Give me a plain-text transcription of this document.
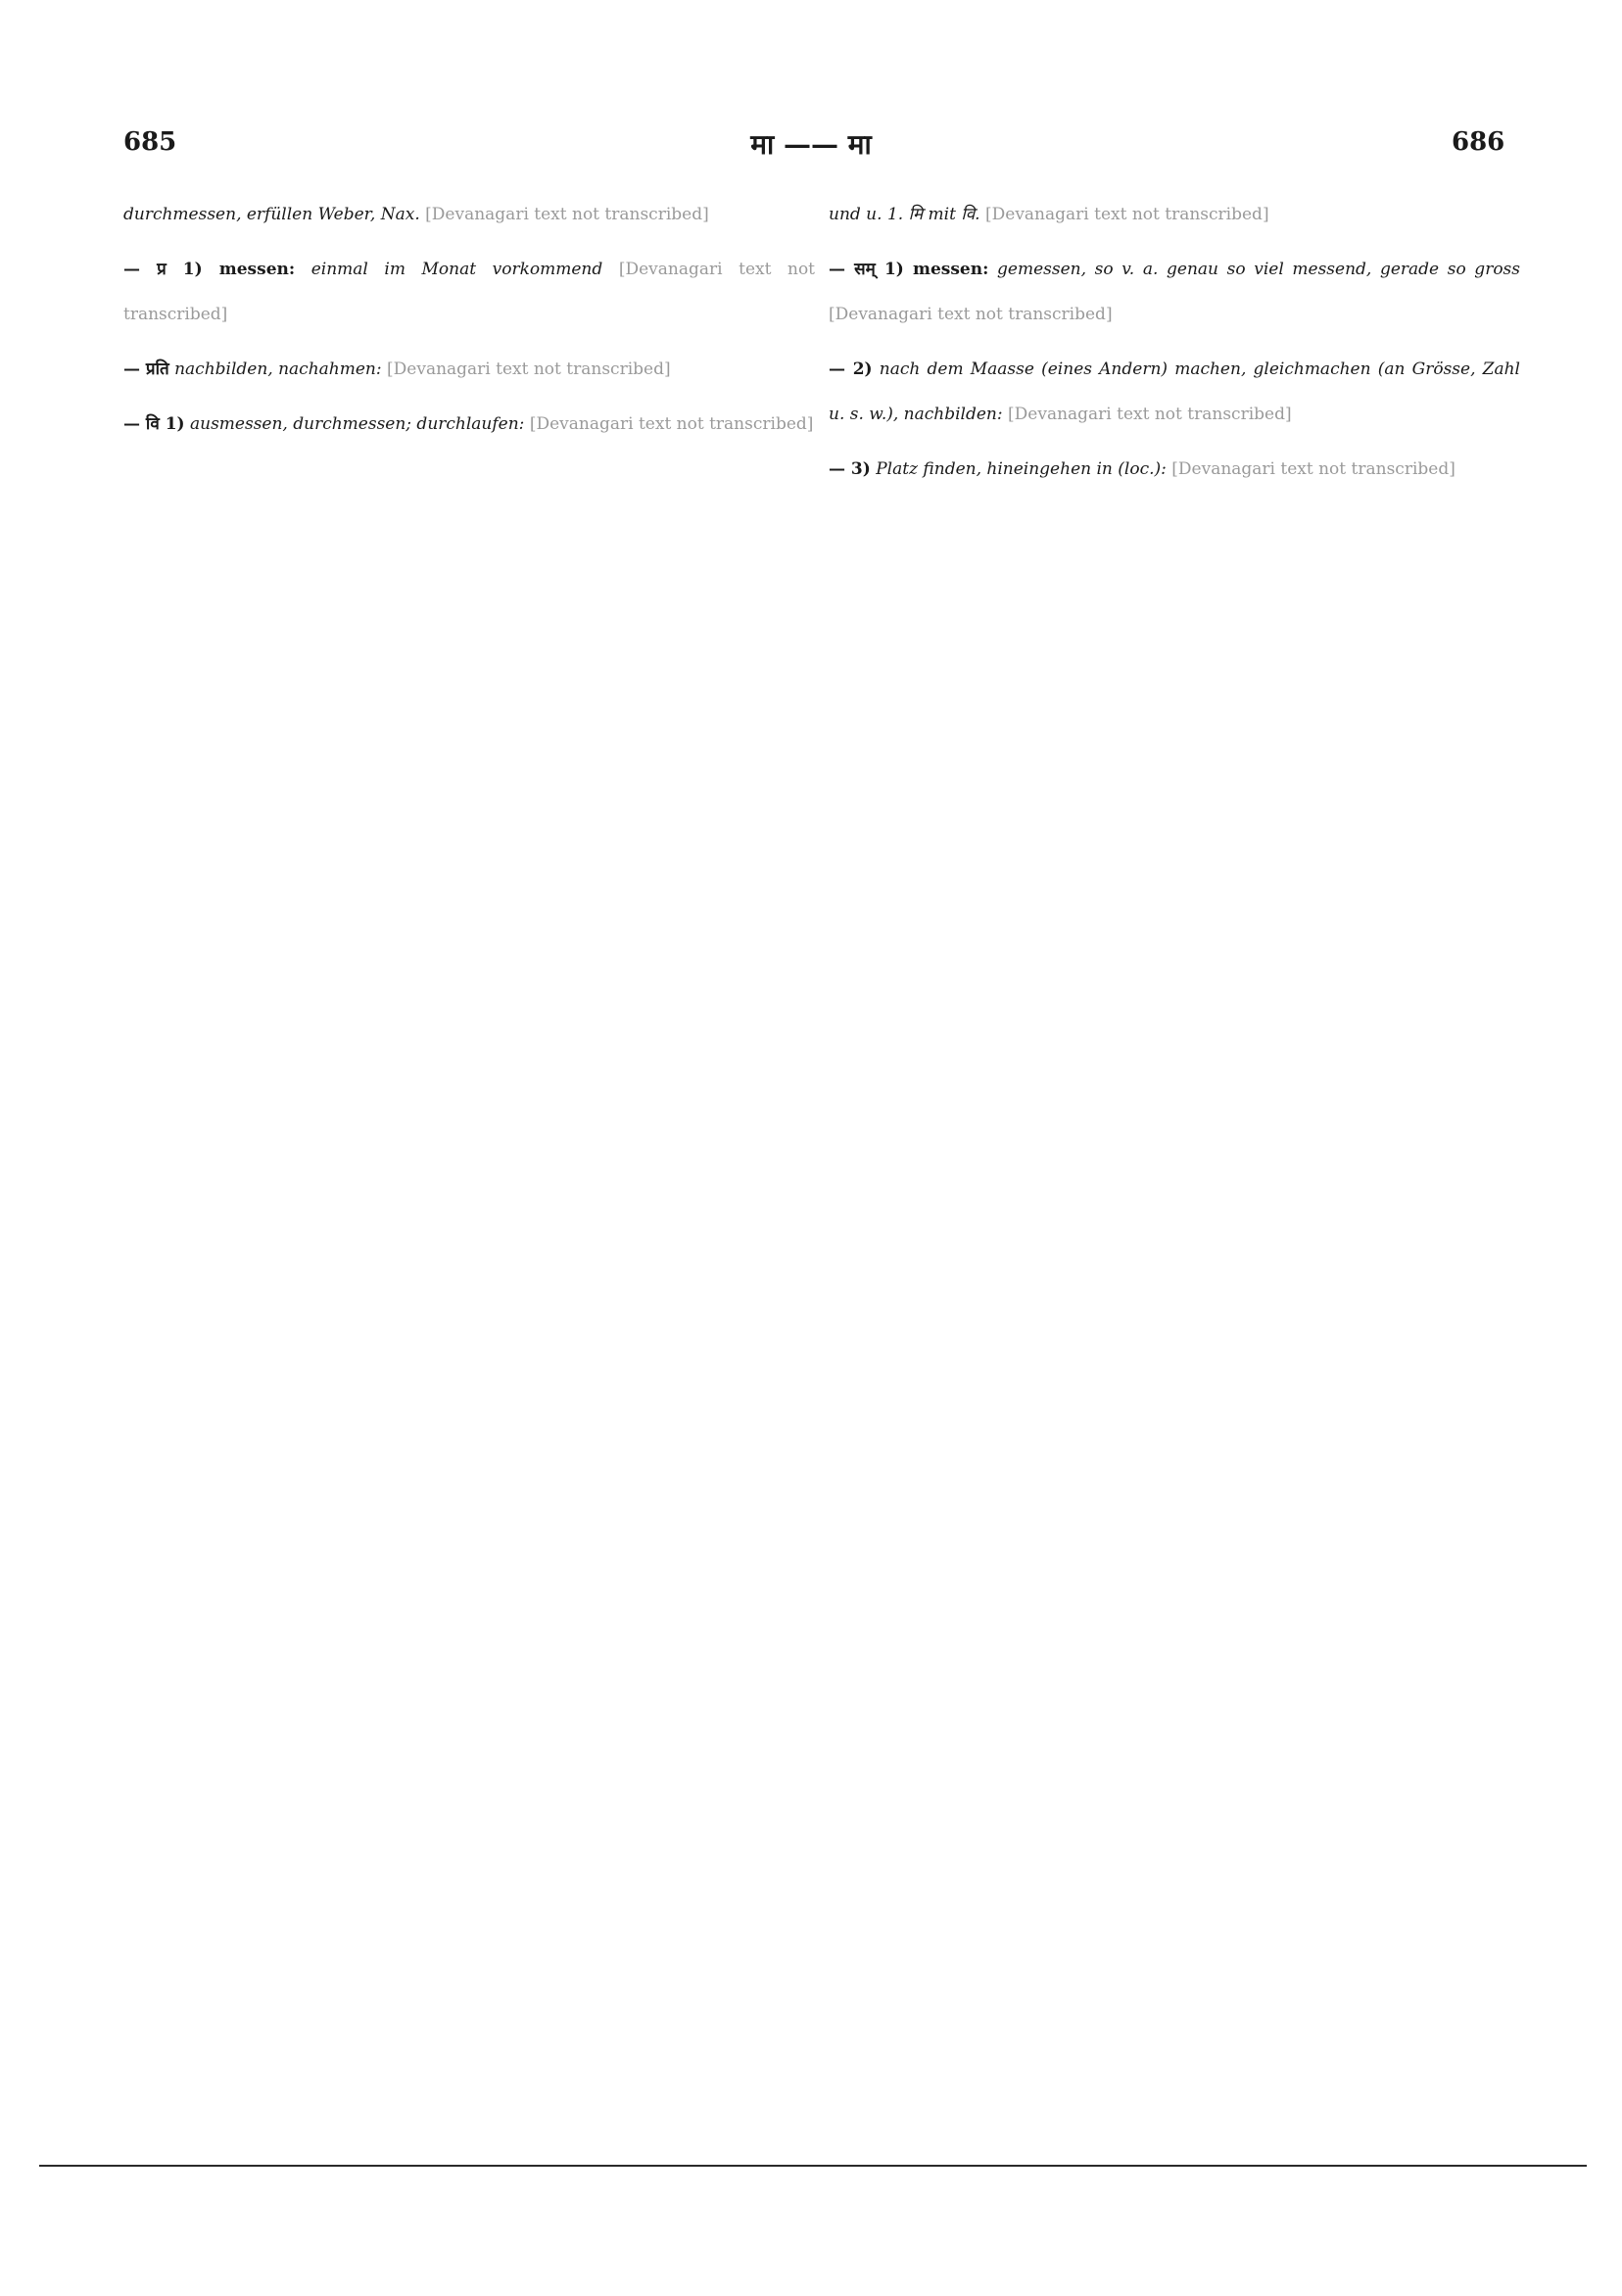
685	मा —— मा	686

durchmessen, erfüllen Weber, Nax. [Devanagari text not transcribed]

— प्र 1) messen: einmal im Monat vorkommend [Devanagari text not transcribed]

— प्रति nachbilden, nachahmen: [Devanagari text not transcribed]

— वि 1) ausmessen, durchmessen; durchlaufen: [Devanagari text not transcribed]

und u. 1. मि mit वि. [Devanagari text not transcribed]

— सम् 1) messen: gemessen, so v. a. genau so viel messend, gerade so gross [Devanagari text not transcribed]

— 2) nach dem Maasse (eines Andern) machen, gleichmachen (an Grösse, Zahl u. s. w.), nachbilden: [Devanagari text not transcribed]

— 3) Platz finden, hineingehen in (loc.): [Devanagari text not transcribed]
